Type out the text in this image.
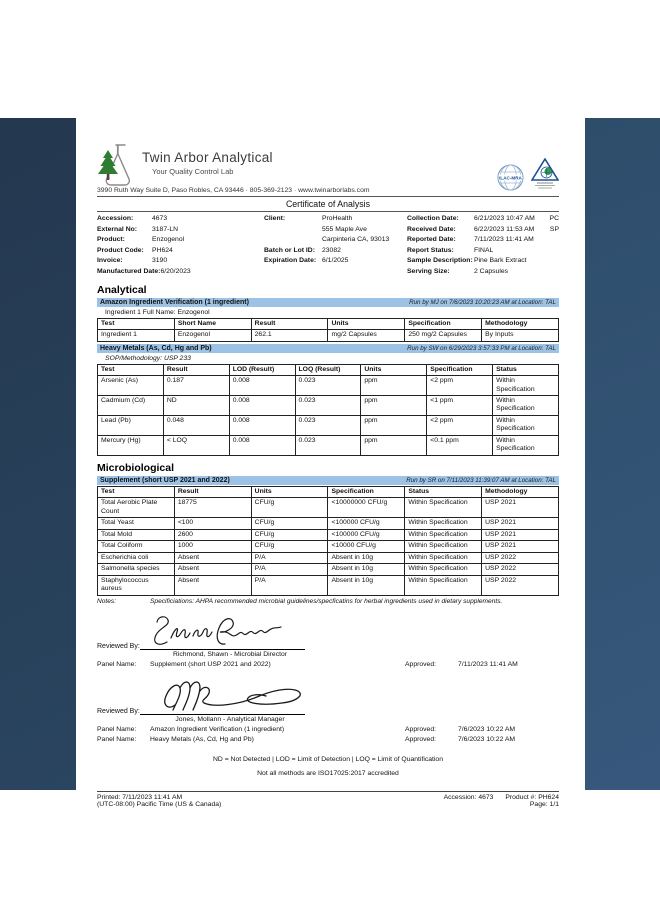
Twin Arbor Analytical
Your Quality Control Lab
ILAC-MRA
3990 Ruth Way Suite D, Paso Robles, CA 93446 · 805-369-2123 · www.twinarborlabs.com
Certificate of Analysis
Accession:	4673
External No:	3187-LN
Product:	Enzogenol
Product Code:	PH624
Invoice:	3190
Manufactured Date: 6/20/2023
Client:	ProHealth
555 Maple Ave
Carpinteria CA, 93013
Batch or Lot ID:	23082
Expiration Date: 6/1/2025
Collection Date:	6/21/2023 10:47 AM	PC
Received Date:	6/22/2023 11:53 AM	SP
Reported Date:	7/11/2023 11:41 AM
Report Status:	FINAL
Sample Description: Pine Bark Extract
Serving Size:	2 Capsules
Analytical
Amazon Ingredient Verification (1 ingredient)	Run by MJ on 7/6/2023 10:20:23 AM at Location: TAL
Ingredient 1 Full Name: Enzogenol
Test	Short Name	Result	Units	Specification	Methodology
Ingredient 1	Enzogenol	262.1	mg/2 Capsules	250 mg/2 Capsules	By Inputs
Heavy Metals (As, Cd, Hg and Pb)	Run by SW on 6/29/2023 3:57:33 PM at Location: TAL
SOP/Methodology: USP 233
Test	Result	LOD (Result)	LOQ (Result)	Units	Specification	Status
Arsenic (As)	0.187	0.008	0.023	ppm	<2 ppm	Within Specification
Cadmium (Cd)	ND	0.008	0.023	ppm	<1 ppm	Within Specification
Lead (Pb)	0.048	0.008	0.023	ppm	<2 ppm	Within Specification
Mercury (Hg)	< LOQ	0.008	0.023	ppm	<0.1 ppm	Within Specification
Microbiological
Supplement (short USP 2021 and 2022)	Run by SR on 7/11/2023 11:39:07 AM at Location: TAL
Test	Result	Units	Specification	Status	Methodology
Total Aerobic Plate Count	18775	CFU/g	<10000000 CFU/g	Within Specification	USP 2021
Total Yeast	<100	CFU/g	<100000 CFU/g	Within Specification	USP 2021
Total Mold	2600	CFU/g	<100000 CFU/g	Within Specification	USP 2021
Total Coliform	1000	CFU/g	<10000 CFU/g	Within Specification	USP 2021
Escherichia coli	Absent	P/A	Absent in 10g	Within Specification	USP 2022
Salmonella species	Absent	P/A	Absent in 10g	Within Specification	USP 2022
Staphylococcus aureus	Absent	P/A	Absent in 10g	Within Specification	USP 2022
Notes:	Specificiations: AHPA recommended microbial guidelines/specficatins for herbal ingredients used in dietary supplements.
Reviewed By:
Richmond, Shawn - Microbial Director
Panel Name:	Supplement (short USP 2021 and 2022)	Approved:	7/11/2023 11:41 AM
Reviewed By:
Jones, Mollann - Analytical Manager
Panel Name:	Amazon Ingredient Verification (1 ingredient)	Approved:	7/6/2023 10:22 AM
Panel Name:	Heavy Metals (As, Cd, Hg and Pb)	Approved:	7/6/2023 10:22 AM
ND = Not Detected | LOD = Limit of Detection | LOQ = Limit of Quantification
Not all methods are ISO17025:2017 accredited
Printed: 7/11/2023 11:41 AM
(UTC-08:00) Pacific Time (US & Canada)
Accession: 4673 Product #: PH624
Page: 1/1
